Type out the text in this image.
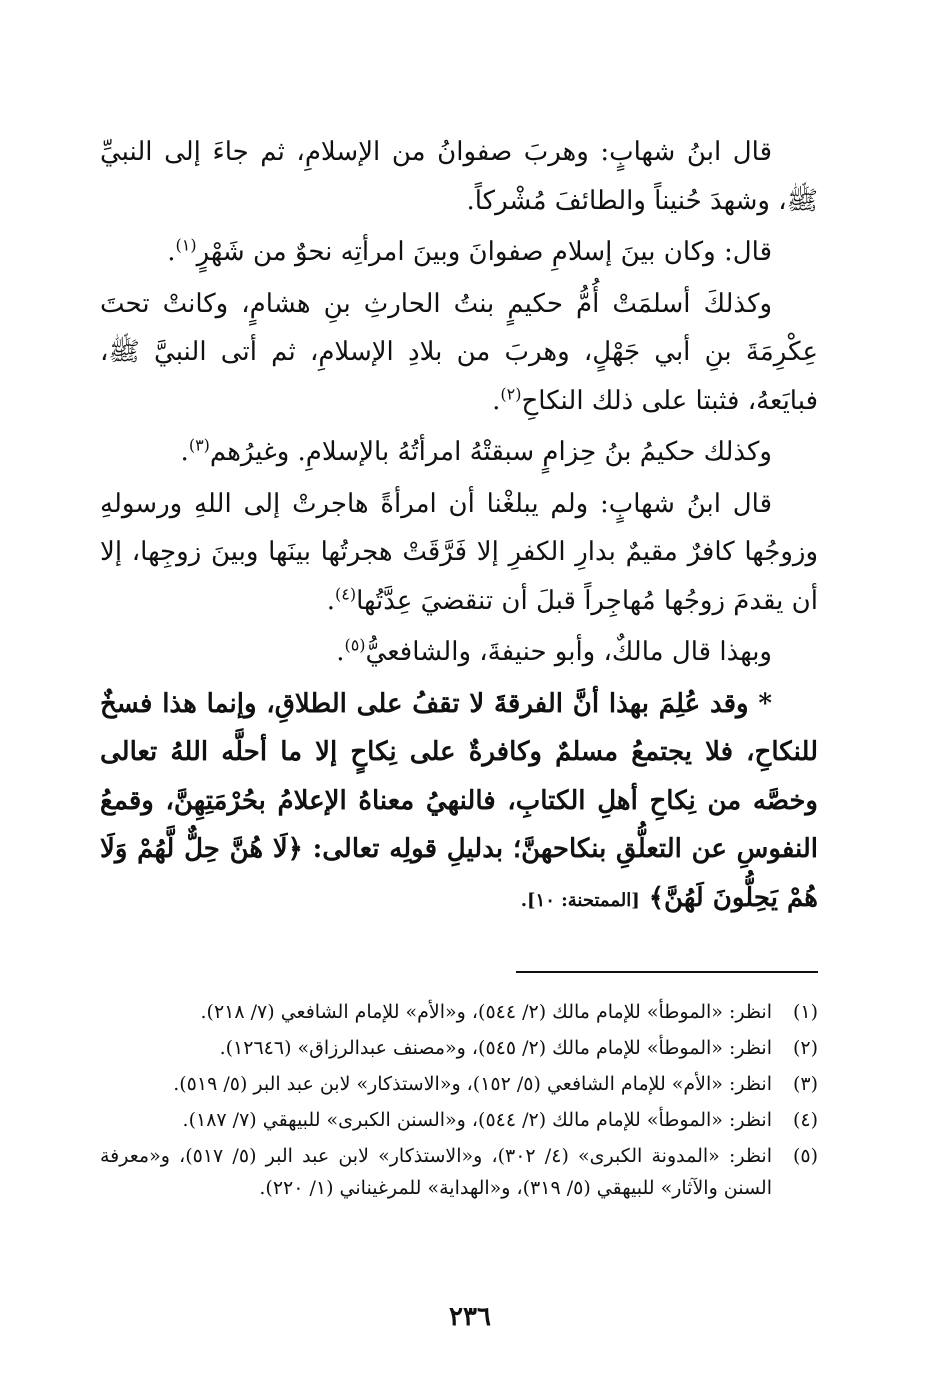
قال ابنُ شهابٍ: وهربَ صفوانُ من الإسلامِ، ثم جاءَ إلى النبيِّ ﷺ، وشهدَ حُنيناً والطائفَ مُشْركاً.

قال: وكان بينَ إسلامِ صفوانَ وبينَ امرأتِه نحوٌ من شَهْرٍ$^{(١)}$.

وكذلكَ أسلمَتْ أُمُّ حكيمٍ بنتُ الحارثِ بنِ هشامٍ، وكانتْ تحتَ عِكْرِمَةَ بنِ أبي جَهْلٍ، وهربَ من بلادِ الإسلامِ، ثم أتى النبيَّ ﷺ، فبايَعهُ، فثبتا على ذلك النكاحِ$^{(٢)}$.

وكذلك حكيمُ بنُ حِزامٍ سبقتْهُ امرأتُهُ بالإسلامِ. وغيرُهم$^{(٣)}$.

قال ابنُ شهابٍ: ولم يبلغْنا أن امرأةً هاجرتْ إلى اللهِ ورسولهِ وزوجُها كافرٌ مقيمٌ بدارِ الكفرِ إلا فَرَّقَتْ هجرتُها بينَها وبينَ زوجِها، إلا أن يقدمَ زوجُها مُهاجِراً قبلَ أن تنقضيَ عِدَّتُها$^{(٤)}$.

وبهذا قال مالكٌ، وأبو حنيفةَ، والشافعيُّ$^{(٥)}$.

* وقد عُلِمَ بهذا أنَّ الفرقةَ لا تقفُ على الطلاقِ، وإنما هذا فسخٌ للنكاحِ، فلا يجتمعُ مسلمٌ وكافرةٌ على نِكاحٍ إلا ما أحلَّه اللهُ تعالى وخصَّه من نِكاحِ أهلِ الكتابِ، فالنهيُ معناهُ الإعلامُ بحُرْمَتِهِنَّ، وقمعُ النفوسِ عن التعلُّقِ بنكاحهنَّ؛ بدليلِ قولِه تعالى: ﴿لَا هُنَّ حِلٌّ لَّهُمْ وَلَا هُمْ يَحِلُّونَ لَهُنَّ﴾ [الممتحنة: ١٠].

(١)
انظر: «الموطأ» للإمام مالك (٢/ ٥٤٤)، و«الأم» للإمام الشافعي (٧/ ٢١٨).
(٢)
انظر: «الموطأ» للإمام مالك (٢/ ٥٤٥)، و«مصنف عبدالرزاق» (١٢٦٤٦).
(٣)
انظر: «الأم» للإمام الشافعي (٥/ ١٥٢)، و«الاستذكار» لابن عبد البر (٥/ ٥١٩).
(٤)
انظر: «الموطأ» للإمام مالك (٢/ ٥٤٤)، و«السنن الكبرى» للبيهقي (٧/ ١٨٧).
(٥)
انظر: «المدونة الكبرى» (٤/ ٣٠٢)، و«الاستذكار» لابن عبد البر (٥/ ٥١٧)، و«معرفة السنن والآثار» للبيهقي (٥/ ٣١٩)، و«الهداية» للمرغيناني (١/ ٢٢٠).
٢٣٦
